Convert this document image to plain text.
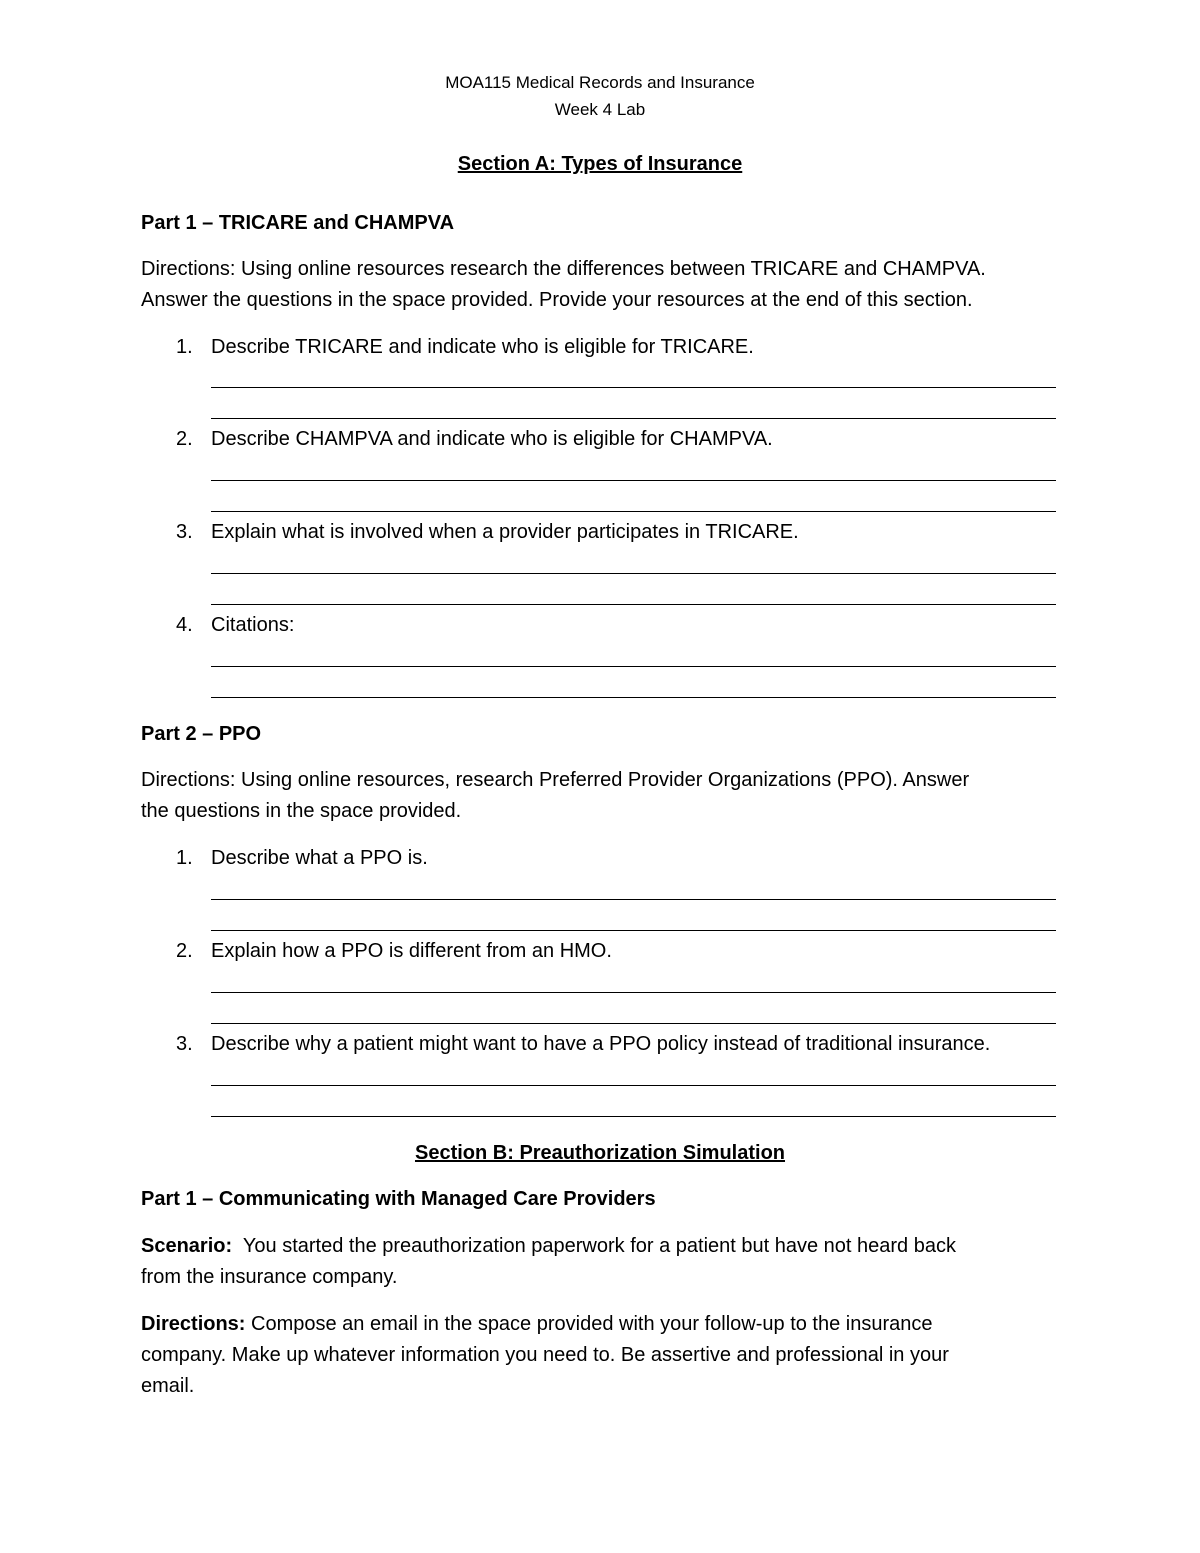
MOA115 Medical Records and Insurance
Week 4 Lab
Section A: Types of Insurance
Part 1 – TRICARE and CHAMPVA
Directions: Using online resources research the differences between TRICARE and CHAMPVA.
Answer the questions in the space provided. Provide your resources at the end of this section.
1. Describe TRICARE and indicate who is eligible for TRICARE.
2. Describe CHAMPVA and indicate who is eligible for CHAMPVA.
3. Explain what is involved when a provider participates in TRICARE.
4. Citations:
Part 2 – PPO
Directions: Using online resources, research Preferred Provider Organizations (PPO). Answer
the questions in the space provided.
1. Describe what a PPO is.
2. Explain how a PPO is different from an HMO.
3. Describe why a patient might want to have a PPO policy instead of traditional insurance.
Section B: Preauthorization Simulation
Part 1 – Communicating with Managed Care Providers
Scenario:  You started the preauthorization paperwork for a patient but have not heard back
from the insurance company.
Directions: Compose an email in the space provided with your follow-up to the insurance
company. Make up whatever information you need to. Be assertive and professional in your
email.
